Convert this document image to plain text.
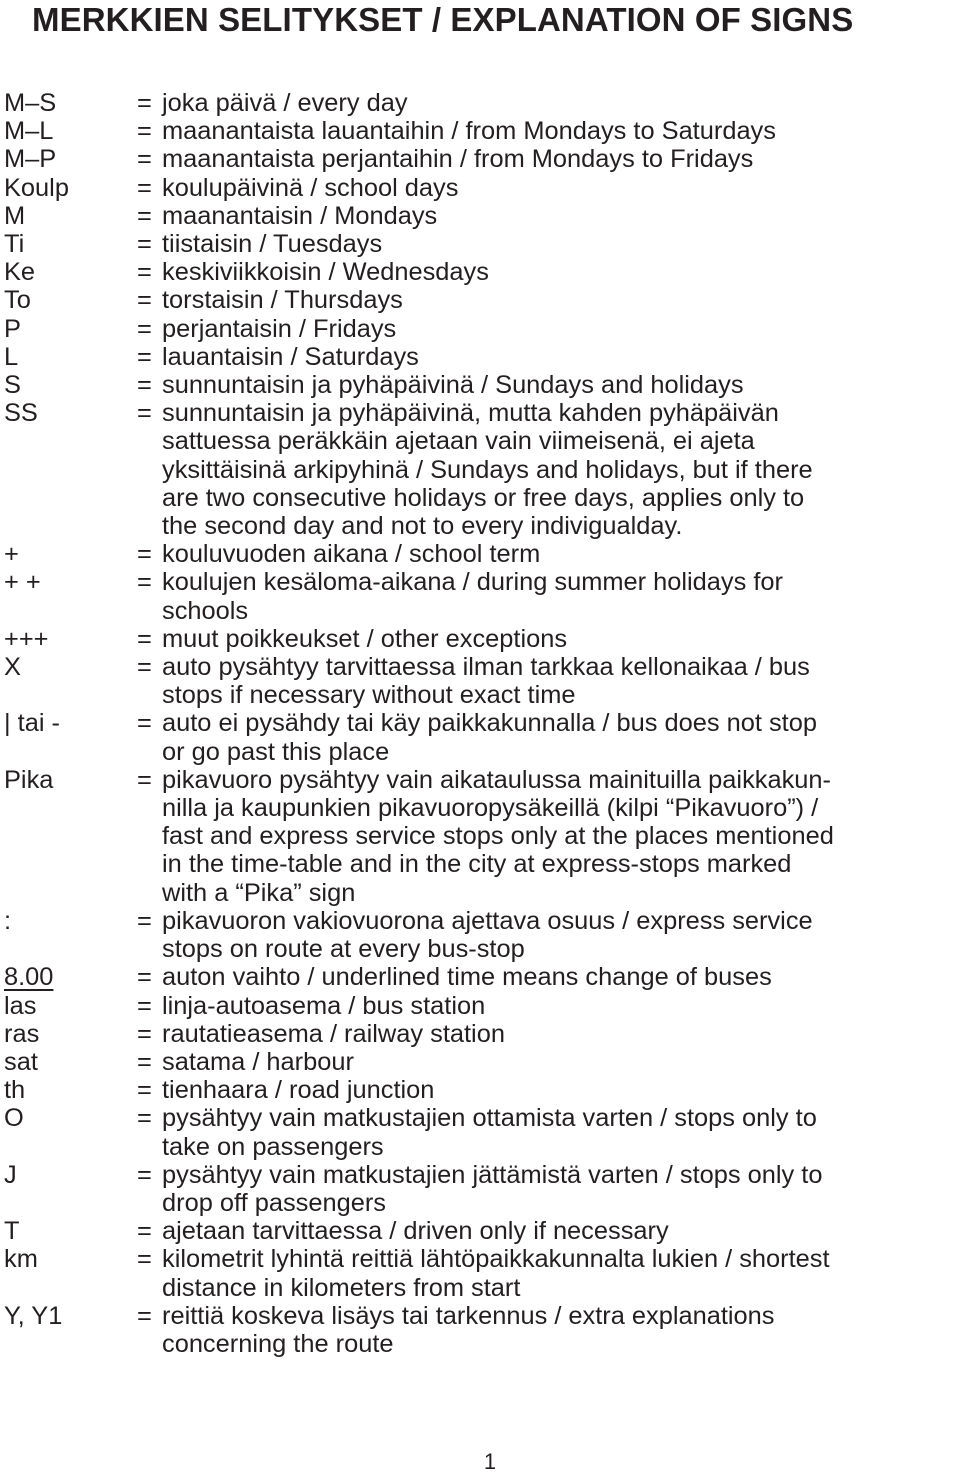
MERKKIEN SELITYKSET / EXPLANATION OF SIGNS
M–S	= joka päivä / every day
M–L	= maanantaista lauantaihin / from Mondays to Saturdays
M–P	= maanantaista perjantaihin / from Mondays to Fridays
Koulp	= koulupäivinä / school days
M	= maanantaisin / Mondays
Ti	= tiistaisin / Tuesdays
Ke	= keskiviikkoisin / Wednesdays
To	= torstaisin / Thursdays
P	= perjantaisin / Fridays
L	= lauantaisin / Saturdays
S	= sunnuntaisin ja pyhäpäivinä / Sundays and holidays
SS	= sunnuntaisin ja pyhäpäivinä, mutta kahden pyhäpäivän
sattuessa peräkkäin ajetaan vain viimeisenä, ei ajeta
yksittäisinä arkipyhinä / Sundays and holidays, but if there
are two consecutive holidays or free days, applies only to
the second day and not to every indivigualday.
+	= kouluvuoden aikana / school term
+ +	= koulujen kesäloma-aikana / during summer holidays for
schools
+++	= muut poikkeukset / other exceptions
X	= auto pysähtyy tarvittaessa ilman tarkkaa kellonaikaa / bus
stops if necessary without exact time
| tai -	= auto ei pysähdy tai käy paikkakunnalla / bus does not stop
or go past this place
Pika	= pikavuoro pysähtyy vain aikataulussa mainituilla paikkakun-
nilla ja kaupunkien pikavuoropysäkeillä (kilpi “Pikavuoro”) /
fast and express service stops only at the places mentioned
in the time-table and in the city at express-stops marked
with a “Pika” sign
:	= pikavuoron vakiovuorona ajettava osuus / express service
stops on route at every bus-stop
8.00	= auton vaihto / underlined time means change of buses
las	= linja-autoasema / bus station
ras	= rautatieasema / railway station
sat	= satama / harbour
th	= tienhaara / road junction
O	= pysähtyy vain matkustajien ottamista varten / stops only to
take on passengers
J	= pysähtyy vain matkustajien jättämistä varten / stops only to
drop off passengers
T	= ajetaan tarvittaessa / driven only if necessary
km	= kilometrit lyhintä reittiä lähtöpaikkakunnalta lukien / shortest
distance in kilometers from start
Y, Y1	= reittiä koskeva lisäys tai tarkennus / extra explanations
concerning the route
1
